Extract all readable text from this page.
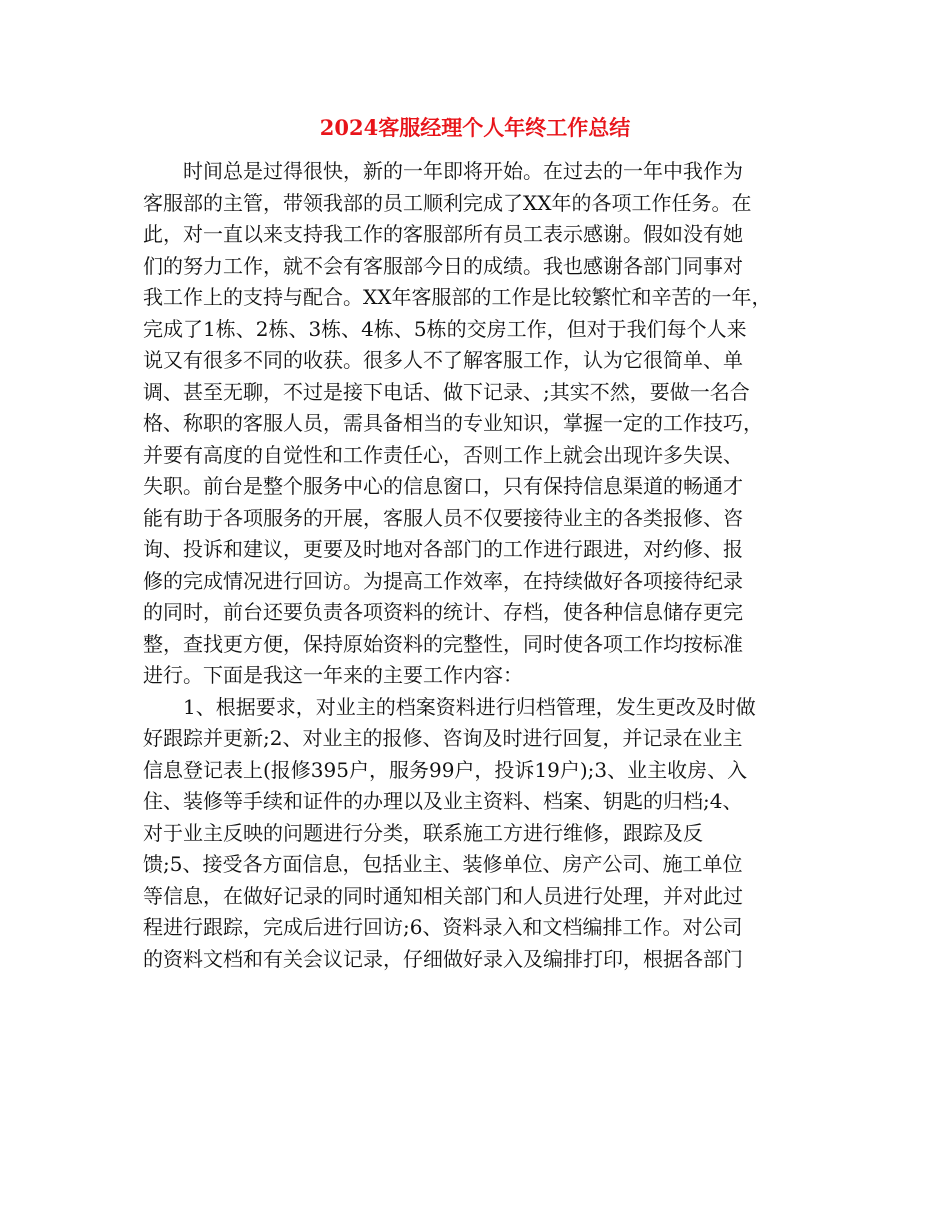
2024客服经理个人年终工作总结
时间总是过得很快，新的一年即将开始。在过去的一年中我作为
客服部的主管，带领我部的员工顺利完成了XX年的各项工作任务。在
此，对一直以来支持我工作的客服部所有员工表示感谢。假如没有她
们的努力工作，就不会有客服部今日的成绩。我也感谢各部门同事对
我工作上的支持与配合。XX年客服部的工作是比较繁忙和辛苦的一年，
完成了1栋、2栋、3栋、4栋、5栋的交房工作，但对于我们每个人来
说又有很多不同的收获。很多人不了解客服工作，认为它很简单、单
调、甚至无聊，不过是接下电话、做下记录、;其实不然，要做一名合
格、称职的客服人员，需具备相当的专业知识，掌握一定的工作技巧，
并要有高度的自觉性和工作责任心，否则工作上就会出现许多失误、
失职。前台是整个服务中心的信息窗口，只有保持信息渠道的畅通才
能有助于各项服务的开展，客服人员不仅要接待业主的各类报修、咨
询、投诉和建议，更要及时地对各部门的工作进行跟进，对约修、报
修的完成情况进行回访。为提高工作效率，在持续做好各项接待纪录
的同时，前台还要负责各项资料的统计、存档，使各种信息储存更完
整，查找更方便，保持原始资料的完整性，同时使各项工作均按标准
进行。下面是我这一年来的主要工作内容：
1、根据要求，对业主的档案资料进行归档管理，发生更改及时做
好跟踪并更新;2、对业主的报修、咨询及时进行回复，并记录在业主
信息登记表上(报修395户，服务99户，投诉19户);3、业主收房、入
住、装修等手续和证件的办理以及业主资料、档案、钥匙的归档;4、
对于业主反映的问题进行分类，联系施工方进行维修，跟踪及反
馈;5、接受各方面信息，包括业主、装修单位、房产公司、施工单位
等信息，在做好记录的同时通知相关部门和人员进行处理，并对此过
程进行跟踪，完成后进行回访;6、资料录入和文档编排工作。对公司
的资料文档和有关会议记录，仔细做好录入及编排打印，根据各部门
